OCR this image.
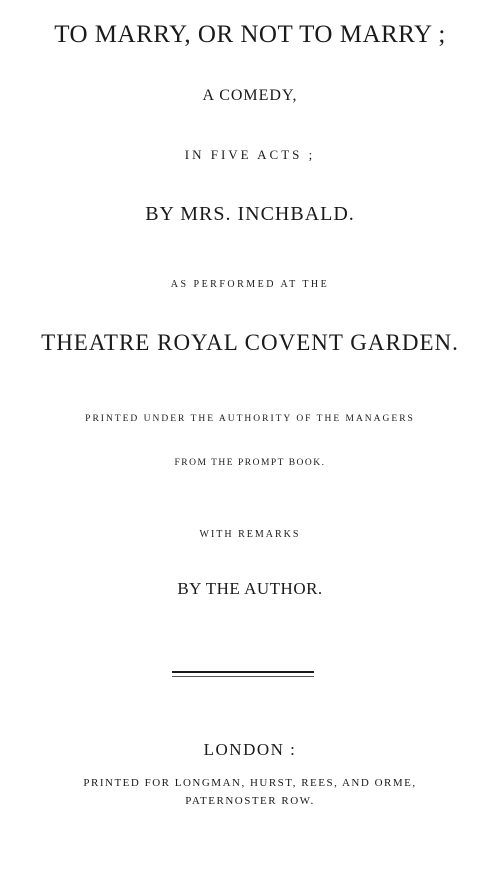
TO MARRY, OR NOT TO MARRY ;
A COMEDY,
IN FIVE ACTS ;
BY MRS. INCHBALD.
AS PERFORMED AT THE
THEATRE ROYAL COVENT GARDEN.
PRINTED UNDER THE AUTHORITY OF THE MANAGERS
FROM THE PROMPT BOOK.
WITH REMARKS
BY THE AUTHOR.
LONDON :
PRINTED FOR LONGMAN, HURST, REES, AND ORME,
PATERNOSTER ROW.
